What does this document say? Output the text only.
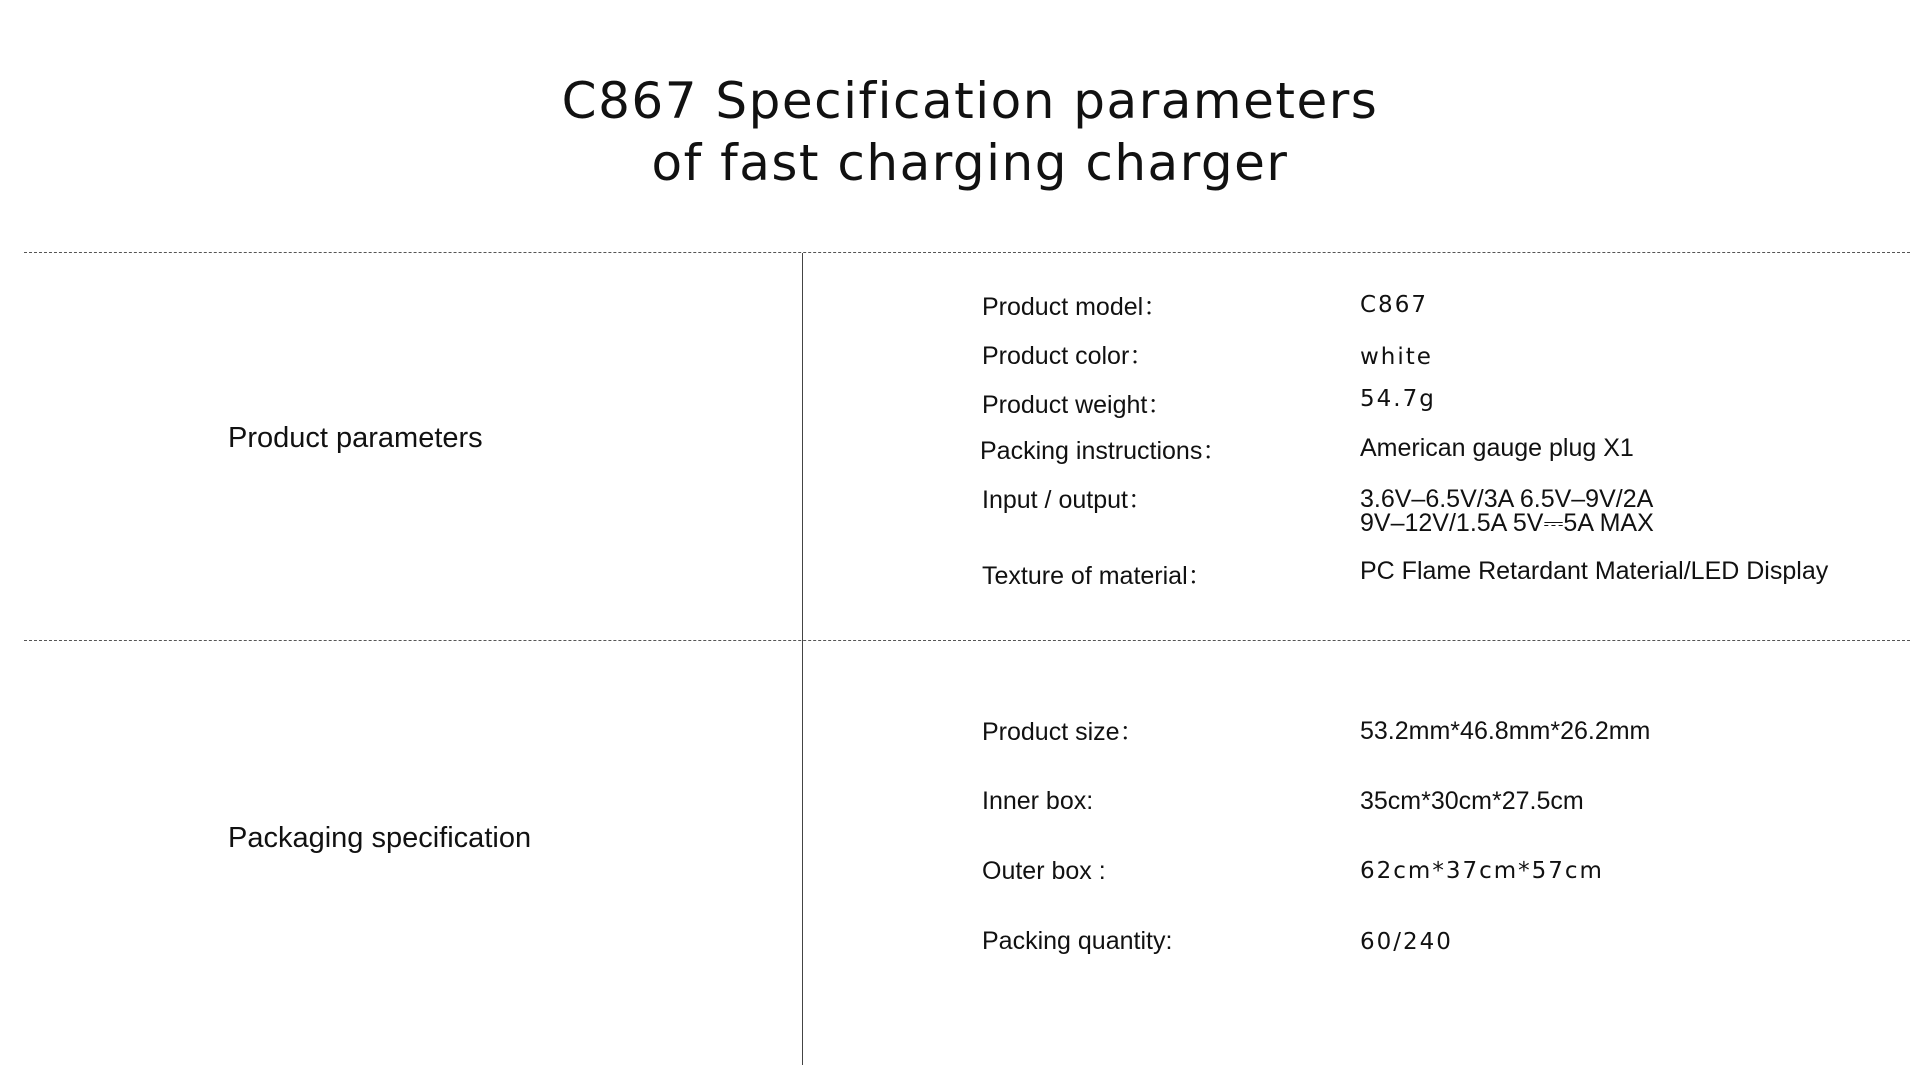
C867 Specification parameters
of fast charging charger
Product parameters
Packaging specification
Product model：	C867
Product color：	white
Product weight：	54.7g
Packing instructions：	American gauge plug X1
Input / output：	3.6V–6.5V/3A 6.5V–9V/2A
9V–12V/1.5A 5V⎓5A MAX
Texture of material：	PC Flame Retardant Material/LED Display
Product size：	53.2mm*46.8mm*26.2mm
Inner box:	35cm*30cm*27.5cm
Outer box :	62cm*37cm*57cm
Packing quantity:	60/240
